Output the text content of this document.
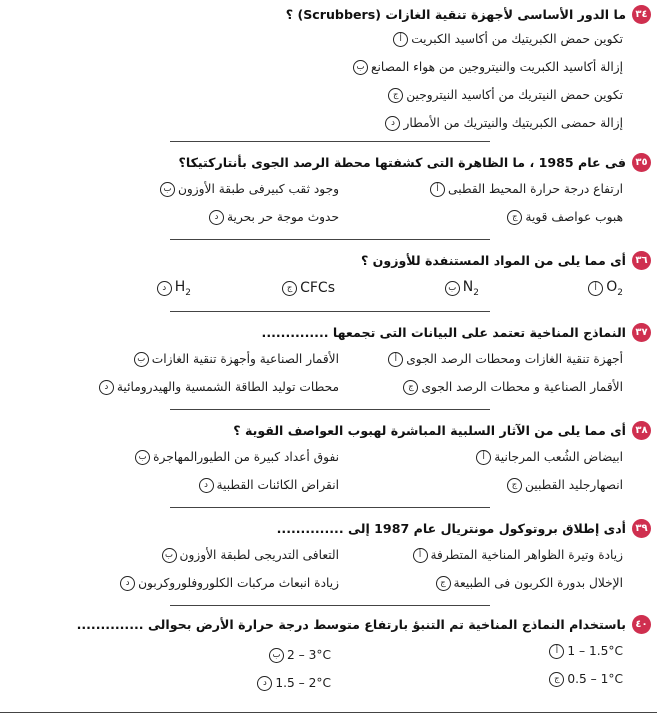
٣٤
ما الدور الأساسى لأجهزة تنقية الغازات (Scrubbers) ؟
أ تكوين حمض الكبريتيك من أكاسيد الكبريت
ب إزالة أكاسيد الكبريت والنيتروجين من هواء المصانع
ج تكوين حمض النيتريك من أكاسيد النيتروجين
د إزالة حمضى الكبريتيك والنيتريك من الأمطار
٣٥
فى عام 1985 ، ما الظاهرة التى كشفتها محطة الرصد الجوى بأنتاركتيكا؟
أ ارتفاع درجة حرارة المحيط القطبى
ب وجود ثقب كبيرفى طبقة الأوزون
ج هبوب عواصف قوية
د حدوث موجة حر بحرية
٣٦
أى مما يلى من المواد المستنفدة للأوزون ؟
أ $O_2$
ب $N_2$
ج CFCs
د $H_2$
٣٧
النماذج المناخية تعتمد على البيانات التى تجمعها ..............
أ أجهزة تنقية الغازات ومحطات الرصد الجوى
ب الأقمار الصناعية وأجهزة تنقية الغازات
ج الأقمار الصناعية و محطات الرصد الجوى
د محطات توليد الطاقة الشمسية والهيدرومائية
٣٨
أى مما يلى من الآثار السلبية المباشرة لهبوب العواصف القوية ؟
أ ابيضاض الشُعب المرجانية
ب نفوق أعداد كبيرة من الطيورالمهاجرة
ج انصهارجليد القطبين
د انقراض الكائنات القطبية
٣٩
أدى إطلاق بروتوكول مونتريال عام 1987 إلى ..............
أ زيادة وتيرة الظواهر المناخية المتطرفة
ب التعافى التدريجى لطبقة الأوزون
ج الإخلال بدورة الكربون فى الطبيعة
د زيادة انبعاث مركبات الكلوروفلوروكربون
٤٠
باستخدام النماذج المناخية تم التنبؤ بارتفاع متوسط درجة حرارة الأرض بحوالى ..............
أ 1 – 1.5°C
ب 2 – 3°C
ج 0.5 – 1°C
د 1.5 – 2°C
